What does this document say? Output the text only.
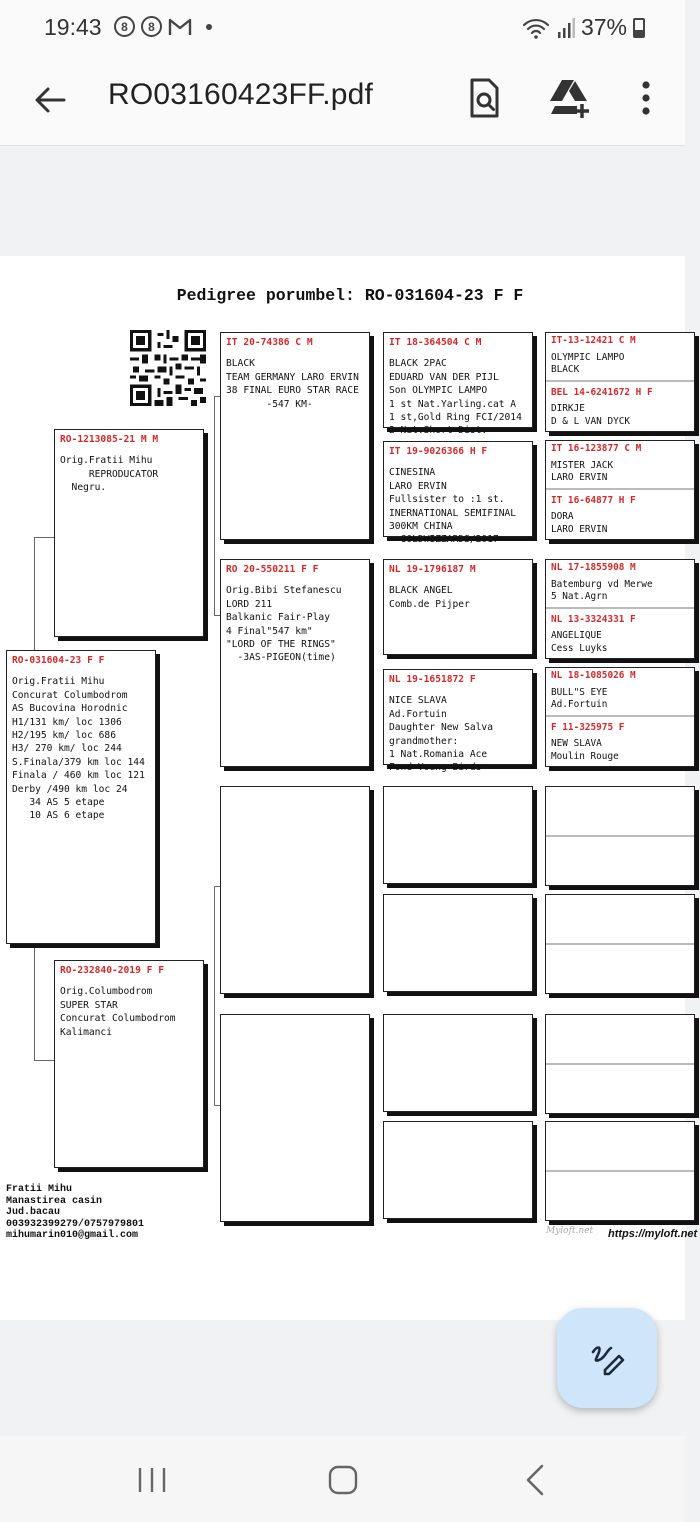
19:43	8	8	37%
RO03160423FF.pdf
Pedigree porumbel: RO-031604-23 F F
RO-031604-23 F F
Orig.Fratii Mihu
Concurat Columbodrom
AS Bucovina Horodnic
H1/131 km/ loc 1306
H2/195 km/ loc 686
H3/ 270 km/ loc 244
S.Finala/379 km loc 144
Finala / 460 km loc 121
Derby /490 km loc 24
34 AS 5 etape
10 AS 6 etape
RO-1213085-21 M M
Orig.Fratii Mihu
REPRODUCATOR
Negru.
RO-232840-2019 F F
Orig.Columbodrom
SUPER STAR
Concurat Columbodrom
Kalimanci
IT 20-74386 C M
BLACK
TEAM GERMANY LARO ERVIN
38 FINAL EURO STAR RACE
-547 KM-
RO 20-550211 F F
Orig.Bibi Stefanescu
LORD 211
Balkanic Fair-Play
4 Final"547 km"
"LORD OF THE RINGS"
-3AS-PIGEON(time)
IT 18-364504 C M
BLACK 2PAC
EDUARD VAN DER PIJL
Son OLYMPIC LAMPO
1 st Nat.Yarling.cat A
1 st,Gold Ring FCI/2014
2 Nat.Short Dist.
IT 19-9026366 H F
CINESINA
LARO ERVIN
Fullsister to :1 st.
INERNATIONAL SEMIFINAL
300KM CHINA
GOLDWIZZARDS/2017
NL 19-1796187 M
BLACK ANGEL
Comb.de Pijper
NL 19-1651872 F
NICE SLAVA
Ad.Fortuin
Daughter New Salva
grandmother:
1 Nat.Romania Ace
Fond Young Birds
IT-13-12421 C M
OLYMPIC LAMPO
BLACK
BEL 14-6241672 H F
DIRKJE
D & L VAN DYCK
IT 16-123877 C M
MISTER JACK
LARO ERVIN
IT 16-64877 H F
DORA
LARO ERVIN
NL 17-1855908 M
Batemburg vd Merwe
5 Nat.Agrn
NL 13-3324331 F
ANGELIQUE
Cess Luyks
NL 18-1085026 M
BULL"S EYE
Ad.Fortuin
F 11-325975 F
NEW SLAVA
Moulin Rouge
Fratii Mihu
Manastirea casin
Jud.bacau
003932399279/0757979801
mihumarin010@gmail.com	Myloft.net https://myloft.net
